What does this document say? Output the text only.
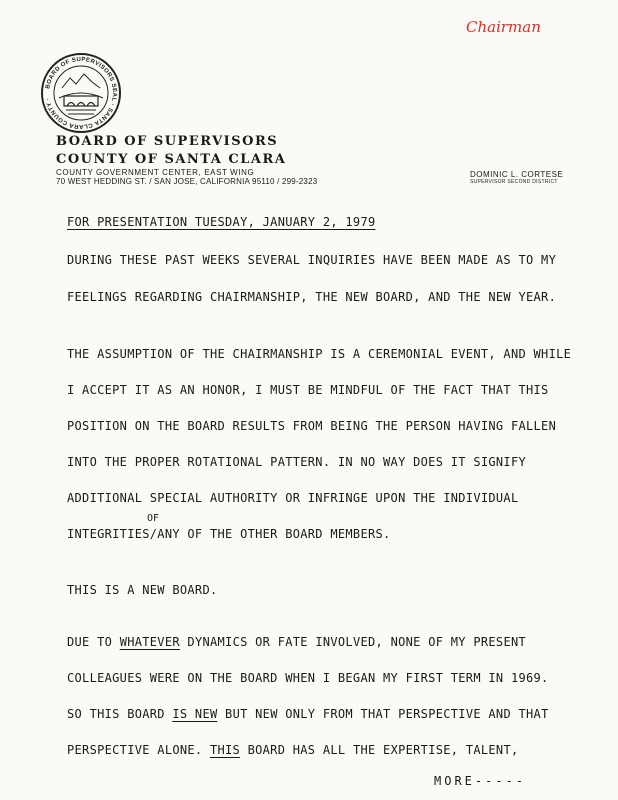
Chairman
BOARD OF SUPERVISORS SEAL · SANTA CLARA COUNTY ·
BOARD OF SUPERVISORS
COUNTY OF SANTA CLARA
COUNTY GOVERNMENT CENTER, EAST WING
70 WEST HEDDING ST. / SAN JOSE, CALIFORNIA 95110 / 299-2323
DOMINIC L. CORTESE
SUPERVISOR SECOND DISTRICT
FOR PRESENTATION TUESDAY, JANUARY 2, 1979
DURING THESE PAST WEEKS SEVERAL INQUIRIES HAVE BEEN MADE AS TO MY
FEELINGS REGARDING CHAIRMANSHIP, THE NEW BOARD, AND THE NEW YEAR.
THE ASSUMPTION OF THE CHAIRMANSHIP IS A CEREMONIAL EVENT, AND WHILE
I ACCEPT IT AS AN HONOR, I MUST BE MINDFUL OF THE FACT THAT THIS
POSITION ON THE BOARD RESULTS FROM BEING THE PERSON HAVING FALLEN
INTO THE PROPER ROTATIONAL PATTERN. IN NO WAY DOES IT SIGNIFY
ADDITIONAL SPECIAL AUTHORITY OR INFRINGE UPON THE INDIVIDUAL
OF
INTEGRITIES/ANY OF THE OTHER BOARD MEMBERS.
THIS IS A NEW BOARD.
DUE TO WHATEVER DYNAMICS OR FATE INVOLVED, NONE OF MY PRESENT
COLLEAGUES WERE ON THE BOARD WHEN I BEGAN MY FIRST TERM IN 1969.
SO THIS BOARD IS NEW BUT NEW ONLY FROM THAT PERSPECTIVE AND THAT
PERSPECTIVE ALONE. THIS BOARD HAS ALL THE EXPERTISE, TALENT,
MORE-----
